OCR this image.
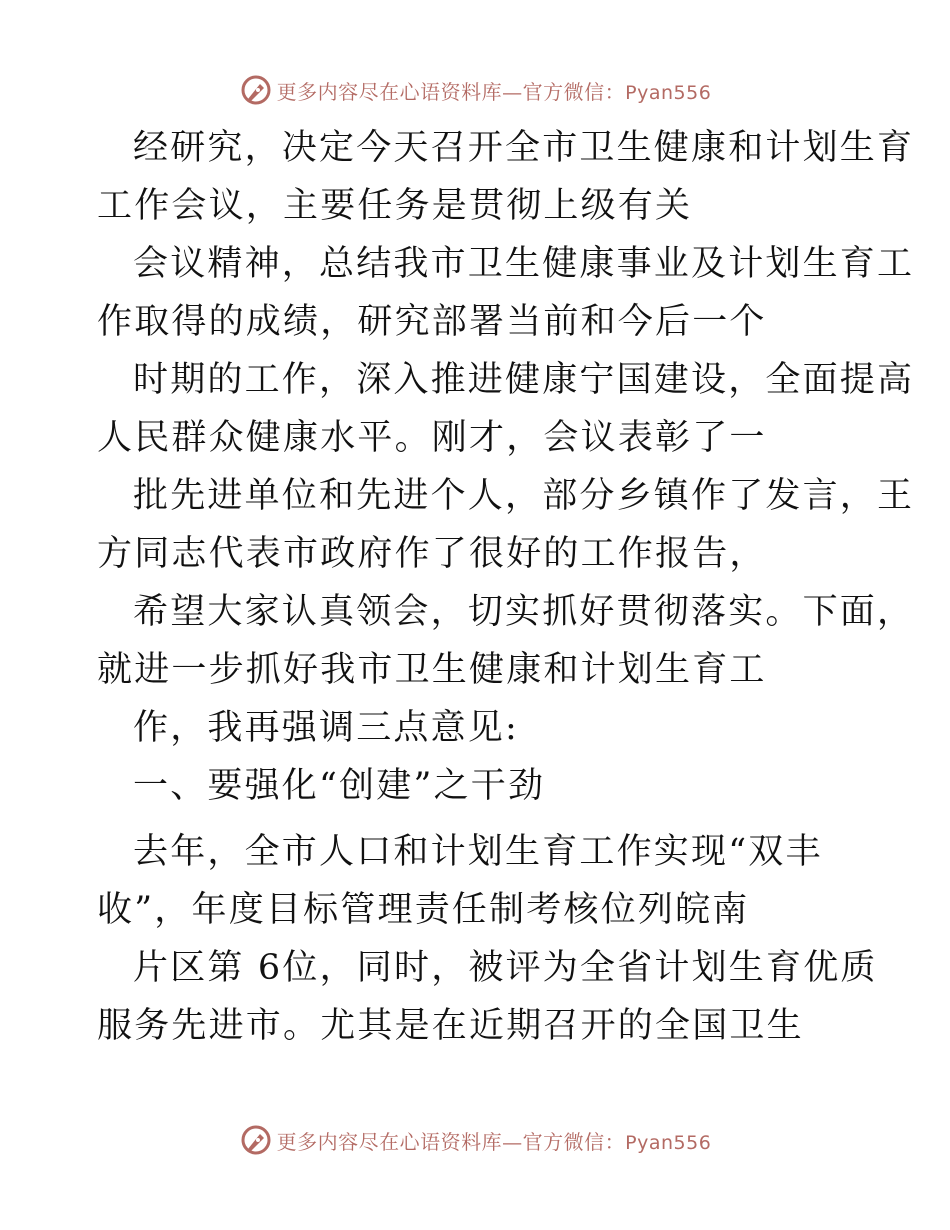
更多内容尽在心语资料库—官方微信：Pyan556
经研究，决定今天召开全市卫生健康和计划生育
工作会议，主要任务是贯彻上级有关
会议精神，总结我市卫生健康事业及计划生育工
作取得的成绩，研究部署当前和今后一个
时期的工作，深入推进健康宁国建设，全面提高
人民群众健康水平。刚才，会议表彰了一
批先进单位和先进个人，部分乡镇作了发言，王
方同志代表市政府作了很好的工作报告，
希望大家认真领会，切实抓好贯彻落实。下面，
就进一步抓好我市卫生健康和计划生育工
作，我再强调三点意见:
一、要强化“创建”之干劲
去年，全市人口和计划生育工作实现“双丰
收”，年度目标管理责任制考核位列皖南
片区第 6位，同时，被评为全省计划生育优质
服务先进市。尤其是在近期召开的全国卫生
更多内容尽在心语资料库—官方微信：Pyan556
